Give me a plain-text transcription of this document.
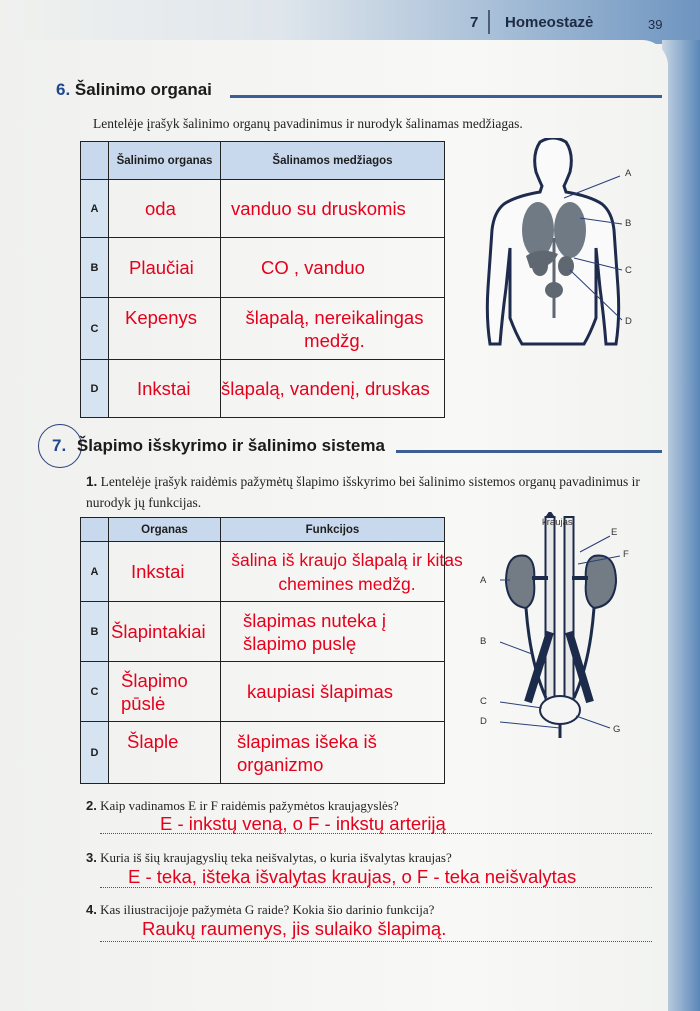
7 Homeostazė	39
6. Šalinimo organai
Lentelėje įrašyk šalinimo organų pavadinimus ir nurodyk šalinamas medžiagas.
	Šalinimo organas	Šalinamos medžiagos
A	oda	vanduo su druskomis
B	Plaučiai	CO , vanduo
C	Kepenys	šlapalą, nereikalingas medžg.
D	Inkstai	šlapalą, vandenį, druskas
A
B
C
D
7. Šlapimo išskyrimo ir šalinimo sistema
1. Lentelėje įrašyk raidėmis pažymėtų šlapimo išskyrimo bei šalinimo sistemos organų pavadinimus ir nurodyk jų funkcijas.
	Organas	Funkcijos
A	Inkstai	šalina iš kraujo šlapalą ir kitas chemines medžg.

B	Šlapintakiai	šlapimas nuteka į šlapimo puslę
C	Šlapimo pūslė	kaupiasi šlapimas
D	Šlaple	šlapimas išeka iš organizmo
kraujas
E
F
A
B
C
D
G
2. Kaip vadinamos E ir F raidėmis pažymėtos kraujagyslės?
E - inkstų veną, o F - inkstų arteriją
3. Kuria iš šių kraujagyslių teka neišvalytas, o kuria išvalytas kraujas?
E - teka, išteka išvalytas kraujas, o F - teka neišvalytas
4. Kas iliustracijoje pažymėta G raide? Kokia šio darinio funkcija?
Raukų raumenys, jis sulaiko šlapimą.
